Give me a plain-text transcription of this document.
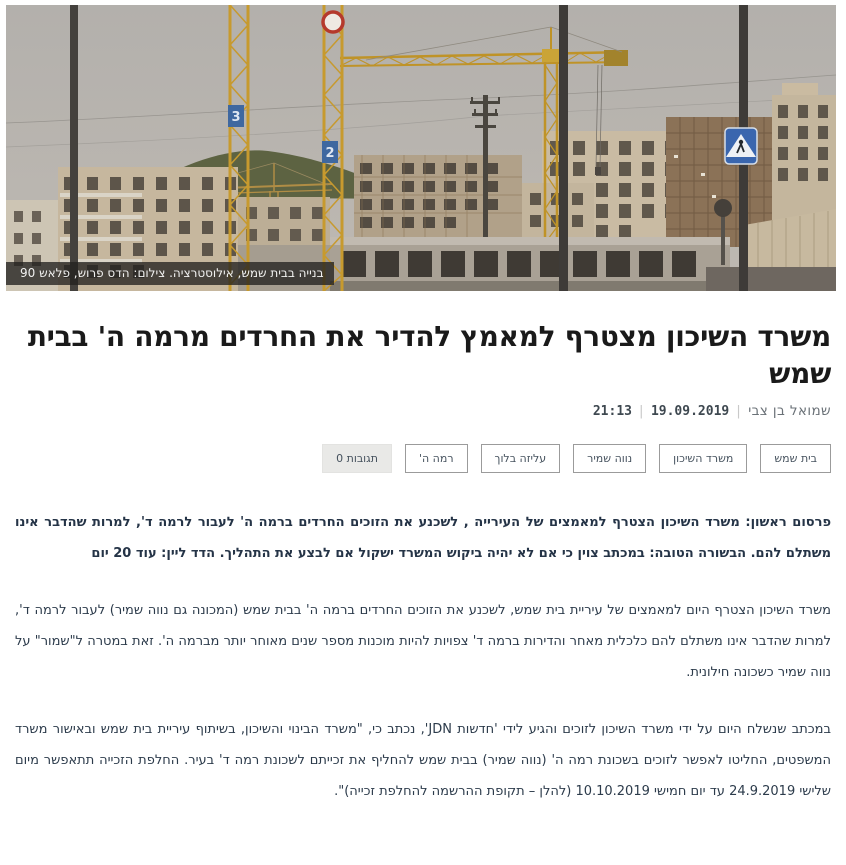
3
2
בנייה בבית שמש, אילוסטרציה. צילום: הדס פרוש, פלאש 90
משרד השיכון מצטרף למאמץ להדיר את החרדים מרמה ה' בבית שמש
שמואל בן צבי|19.09.2019|21:13
בית שמש
משרד השיכון
נווה שמיר
עליזה בלוך
רמה ה'
0 תגובות

פרסום ראשון: משרד השיכון הצטרף למאמצים של העירייה , לשכנע את הזוכים החרדים ברמה ה' לעבור לרמה ד', למרות שהדבר אינו משתלם להם. הבשורה הטובה: במכתב צוין כי אם לא יהיה ביקוש המשרד ישקול אם לבצע את התהליך. הדד ליין: עוד 20 יום

משרד השיכון הצטרף היום למאמצים של עיריית בית שמש, לשכנע את הזוכים החרדים ברמה ה' בבית שמש (המכונה גם נווה שמיר) לעבור לרמה ד', למרות שהדבר אינו משתלם להם כלכלית מאחר והדירות ברמה ד' צפויות להיות מוכנות מספר שנים מאוחר יותר מברמה ה'. זאת במטרה ל"שמור" על נווה שמיר כשכונה חילונית.

במכתב שנשלח היום על ידי משרד השיכון לזוכים והגיע לידי 'חדשות JDN', נכתב כי, "משרד הבינוי והשיכון, בשיתוף עיריית בית שמש ובאישור משרד המשפטים, החליטו לאפשר לזוכים בשכונת רמה ה' (נווה שמיר) בבית שמש להחליף את זכייתם לשכונת רמה ד' בעיר. החלפת הזכייה תתאפשר מיום שלישי 24.9.2019 עד יום חמישי 10.10.2019 (להלן – תקופת ההרשמה להחלפת זכייה)".
